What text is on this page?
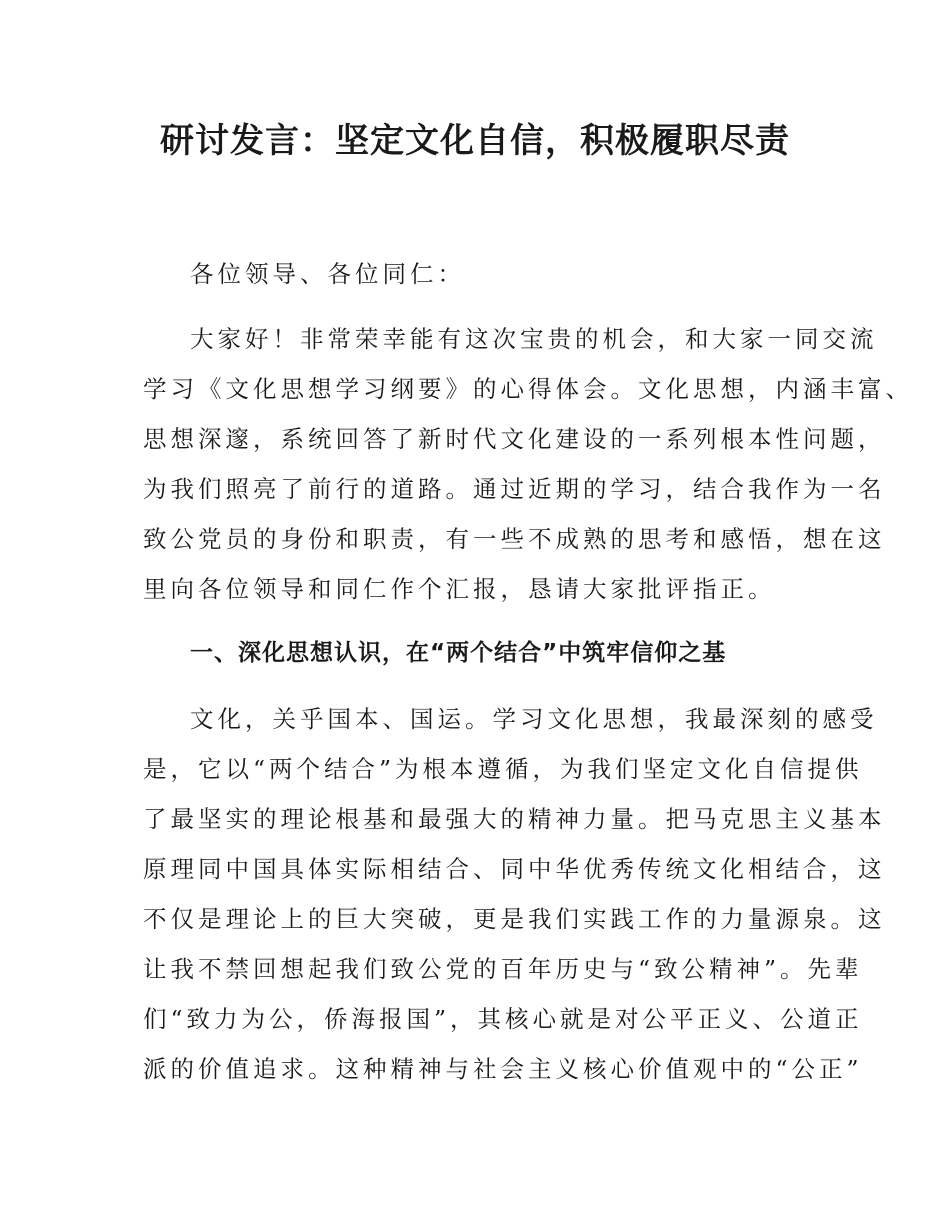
研讨发言：坚定文化自信，积极履职尽责
各位领导、各位同仁：
大家好！非常荣幸能有这次宝贵的机会，和大家一同交流
学习《文化思想学习纲要》的心得体会。文化思想，内涵丰富、
思想深邃，系统回答了新时代文化建设的一系列根本性问题，
为我们照亮了前行的道路。通过近期的学习，结合我作为一名
致公党员的身份和职责，有一些不成熟的思考和感悟，想在这
里向各位领导和同仁作个汇报，恳请大家批评指正。
一、深化思想认识，在“两个结合”中筑牢信仰之基
文化，关乎国本、国运。学习文化思想，我最深刻的感受
是，它以“两个结合”为根本遵循，为我们坚定文化自信提供
了最坚实的理论根基和最强大的精神力量。把马克思主义基本
原理同中国具体实际相结合、同中华优秀传统文化相结合，这
不仅是理论上的巨大突破，更是我们实践工作的力量源泉。这
让我不禁回想起我们致公党的百年历史与“致公精神”。先辈
们“致力为公，侨海报国”，其核心就是对公平正义、公道正
派的价值追求。这种精神与社会主义核心价值观中的“公正”
